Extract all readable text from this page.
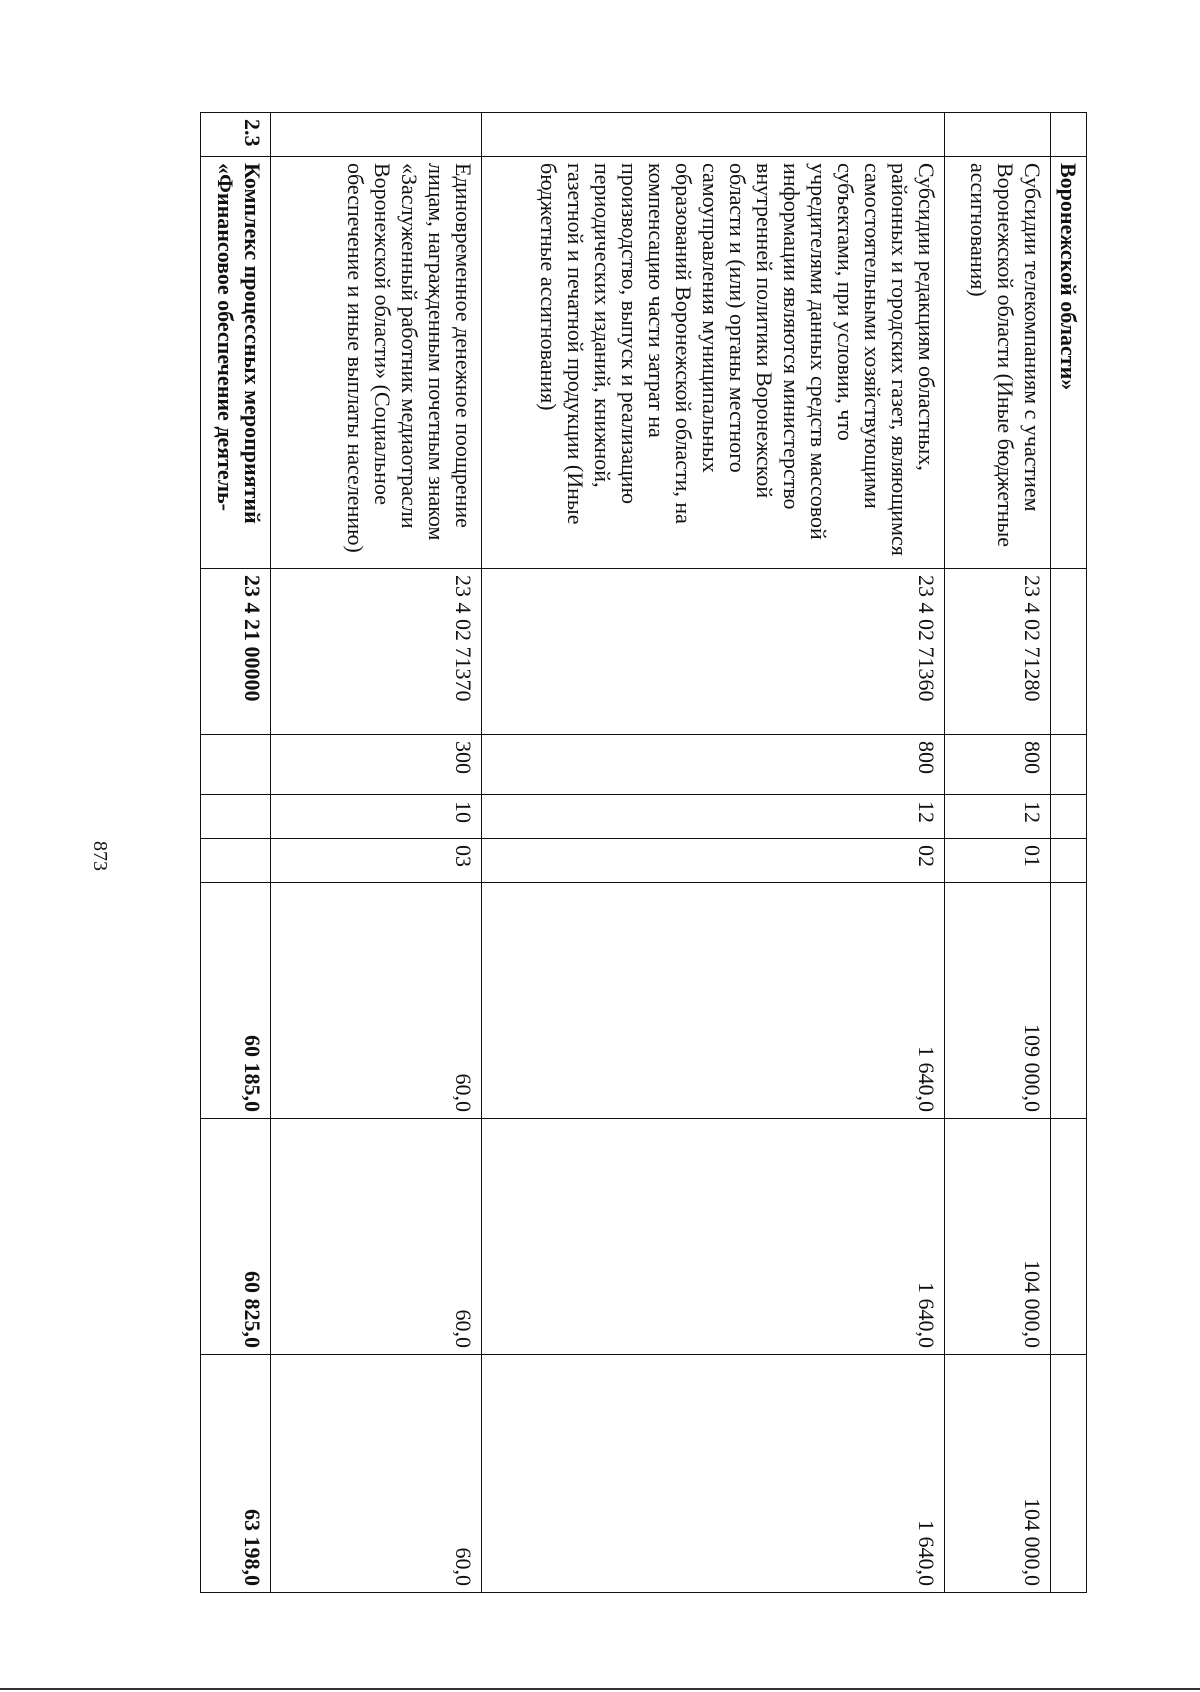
873
	Воронежской области»							
	Субсидии телекомпаниям с участием Воронежской области (Иные бюджетные ассигнования)	23 4 02 71280	800	12	01	109 000,0	104 000,0	104 000,0
	Субсидии редакциям областных, районных и городских газет, являющимся самостоятельными хозяйствующими субъектами, при условии, что учредителями данных средств массовой информации являются министерство внутренней политики Воронежской области и (или) органы местного самоуправления муниципальных образований Воронежской области, на компенсацию части затрат на производство, выпуск и реализацию периодических изданий, книжной, газетной и печатной продукции (Иные бюджетные ассигнования)	23 4 02 71360	800	12	02	1 640,0	1 640,0	1 640,0
	Единовременное денежное поощрение лицам, награжденным почетным знаком «Заслуженный работник медиаотрасли Воронежской области» (Социальное обеспечение и иные выплаты населению)	23 4 02 71370	300	10	03	60,0	60,0	60,0
2.3	Комплекс процессных мероприятий «Финансовое обеспечение деятель-	23 4 21 00000				60 185,0	60 825,0	63 198,0
